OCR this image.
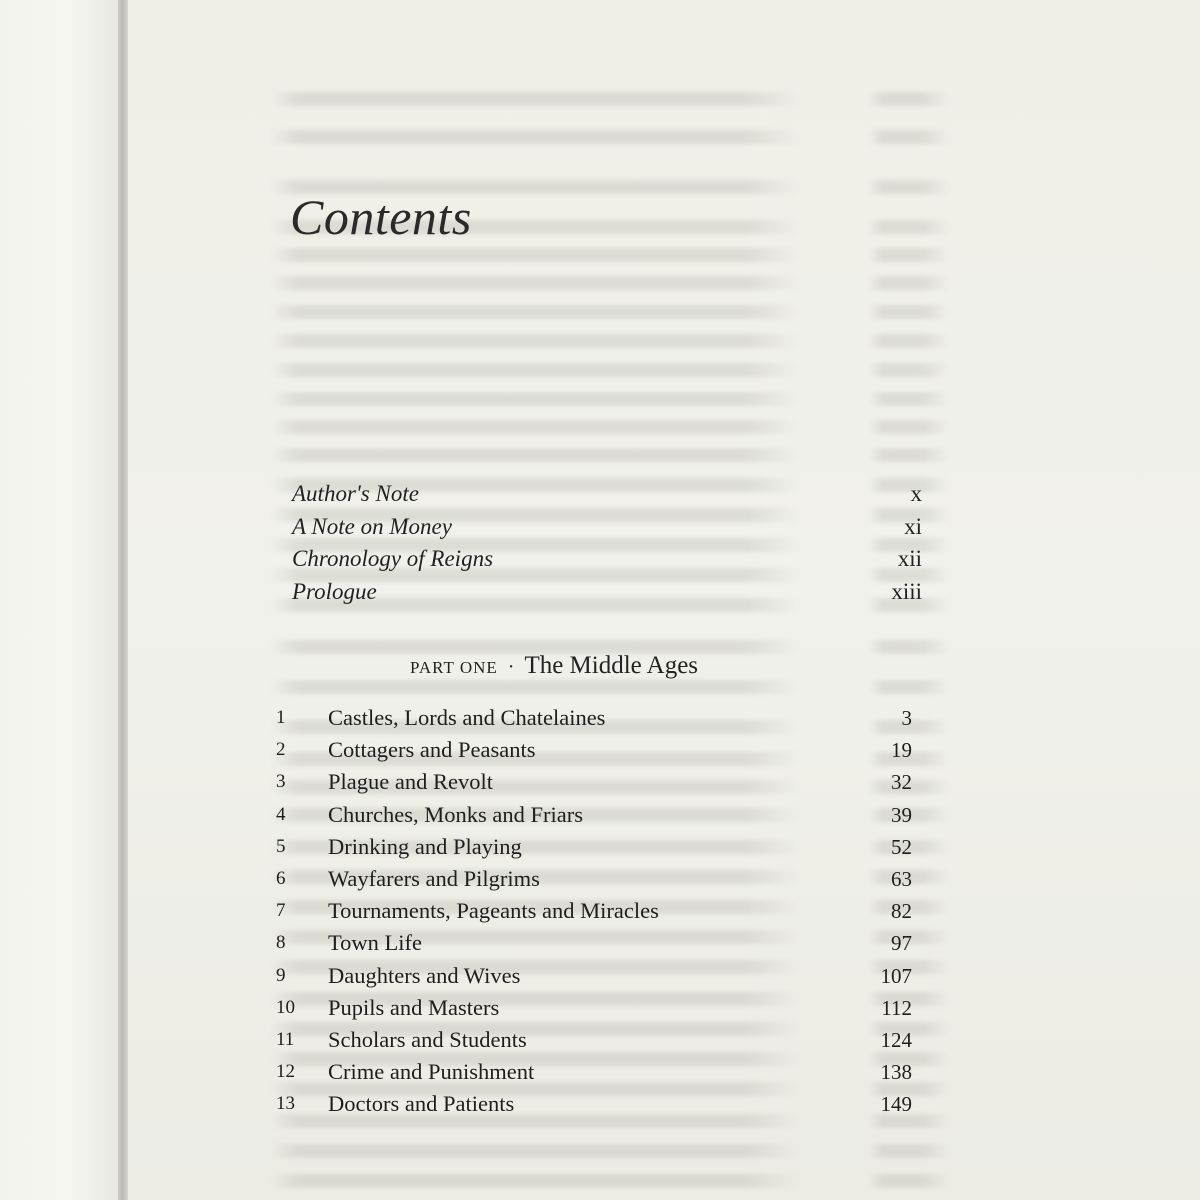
Contents
Author's Note	x
A Note on Money	xi
Chronology of Reigns	xii
Prologue	xiii
PART ONE · The Middle Ages
1	Castles, Lords and Chatelaines	3
2	Cottagers and Peasants	19
3	Plague and Revolt	32
4	Churches, Monks and Friars	39
5	Drinking and Playing	52
6	Wayfarers and Pilgrims	63
7	Tournaments, Pageants and Miracles	82
8	Town Life	97
9	Daughters and Wives	107
10	Pupils and Masters	112
11	Scholars and Students	124
12	Crime and Punishment	138
13	Doctors and Patients	149
